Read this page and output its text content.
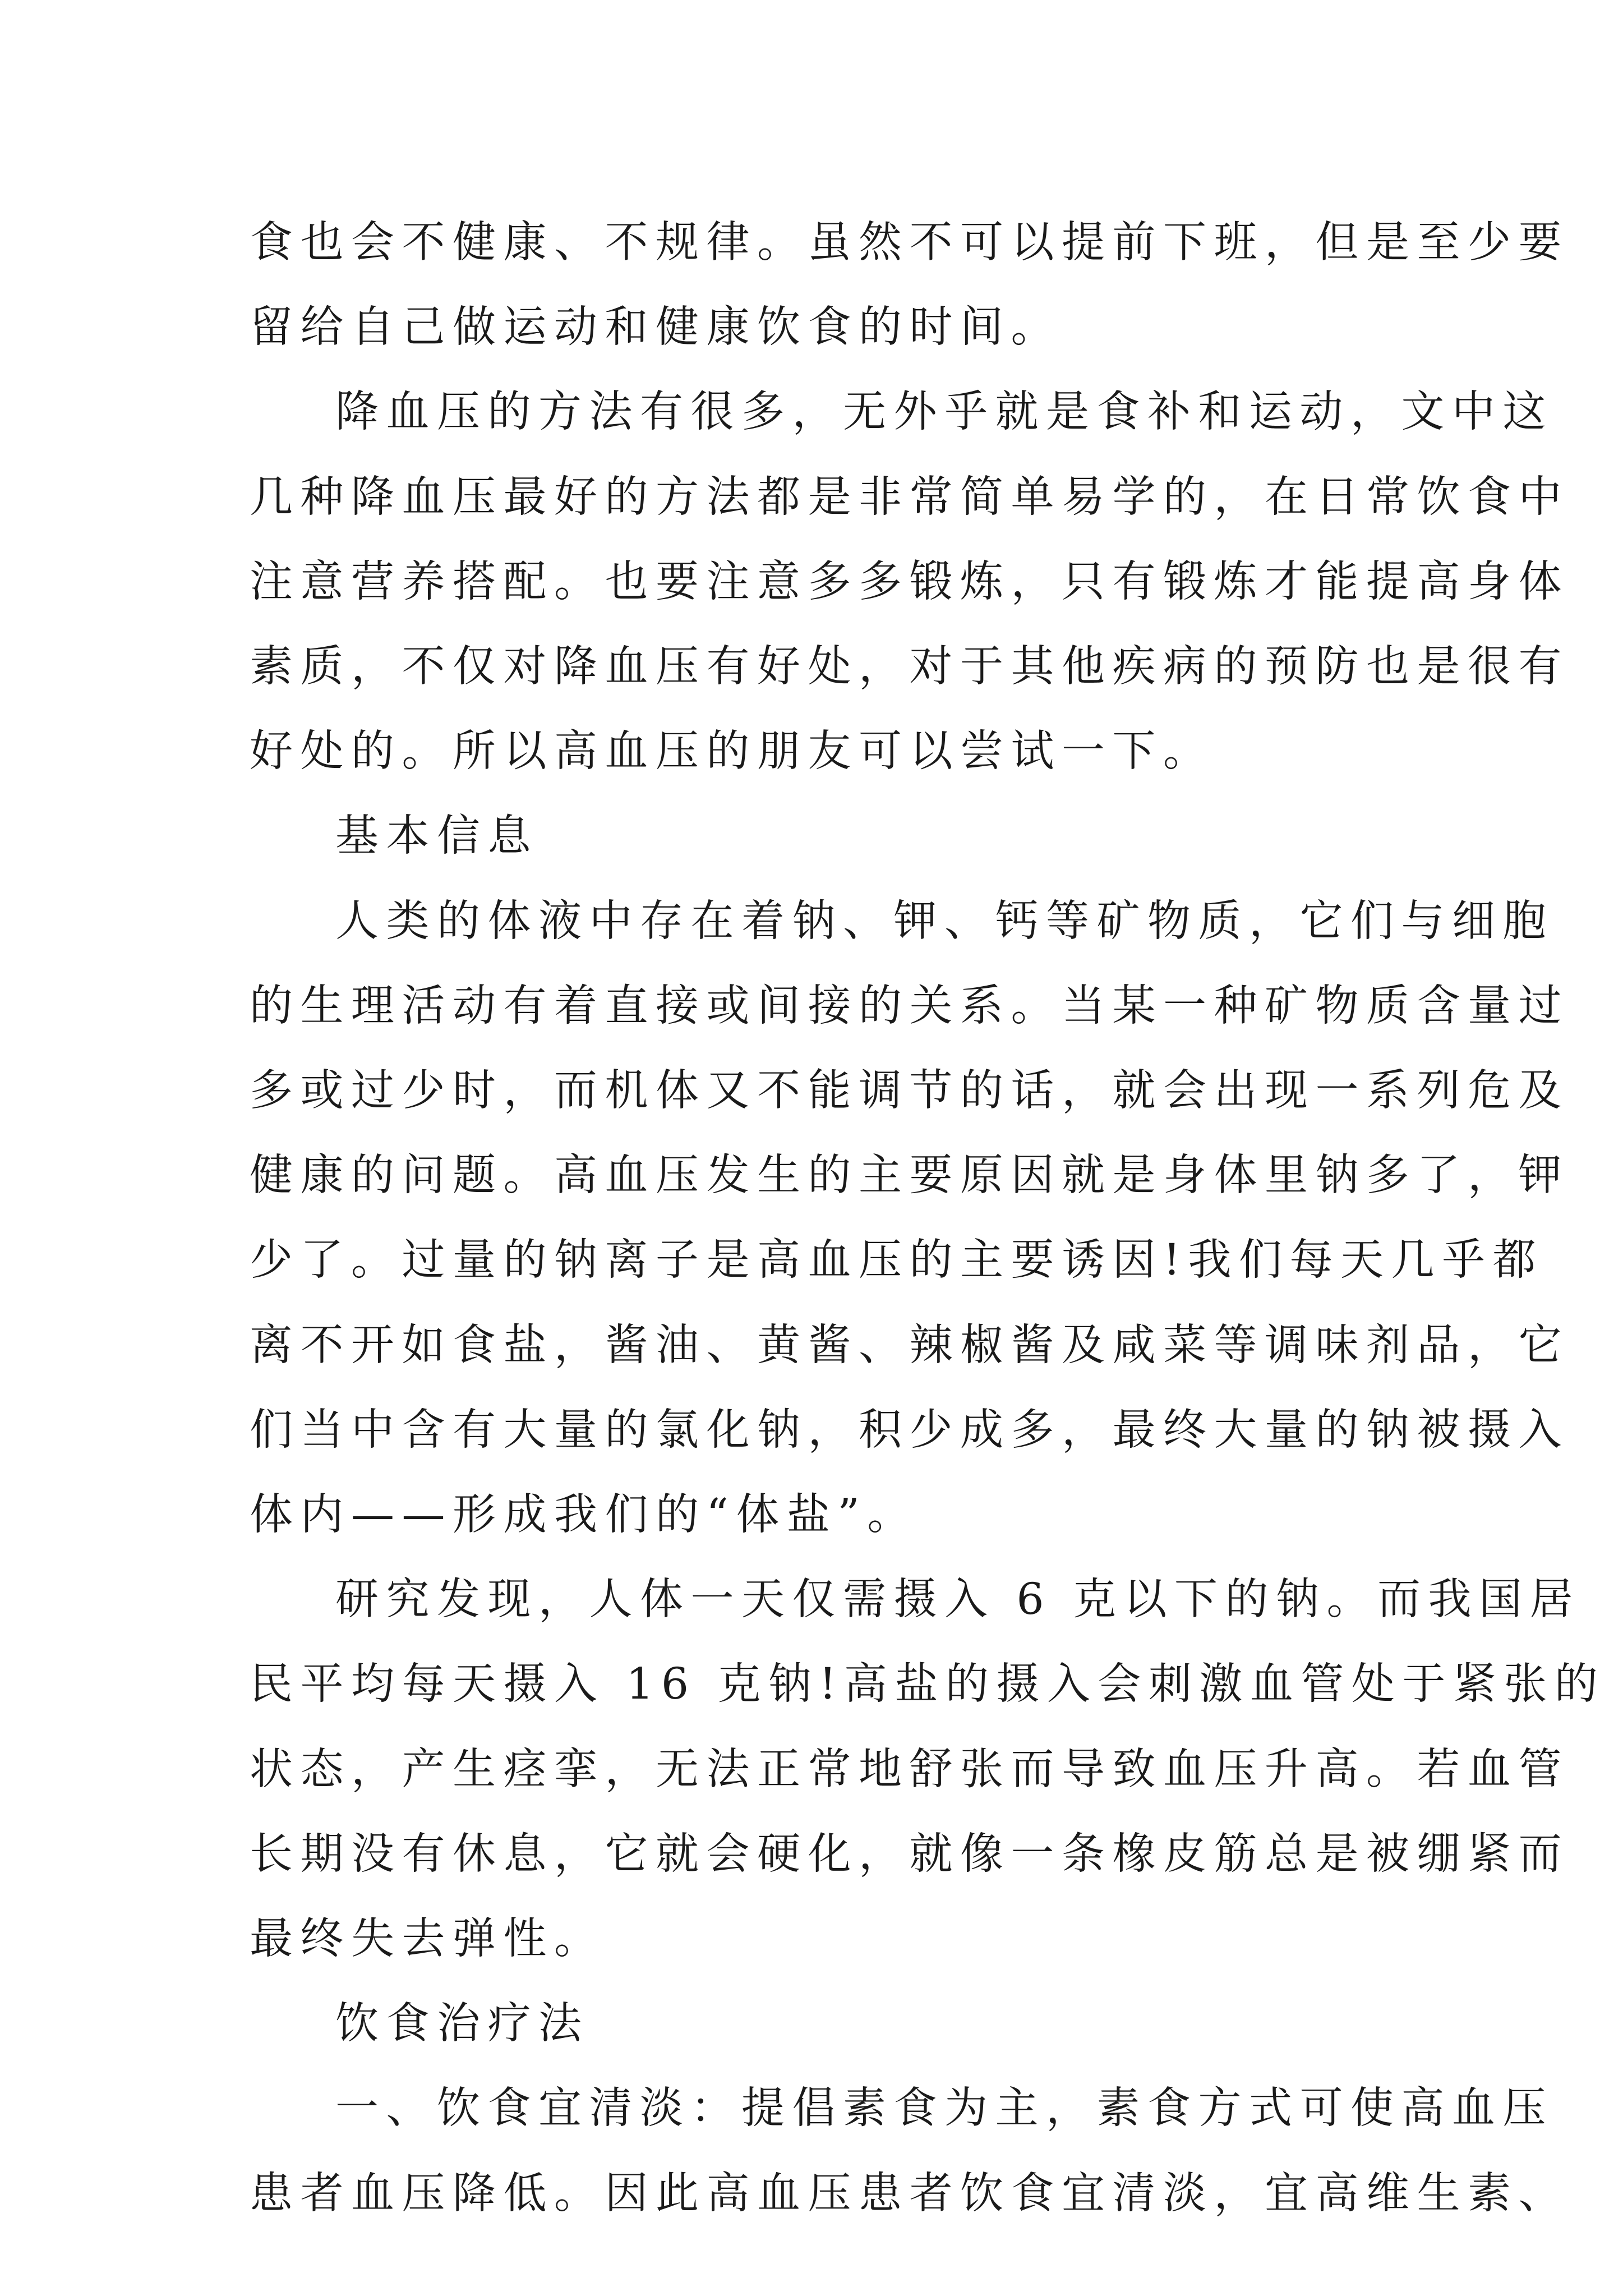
食也会不健康、不规律。虽然不可以提前下班，但是至少要
留给自己做运动和健康饮食的时间。
降血压的方法有很多，无外乎就是食补和运动，文中这
几种降血压最好的方法都是非常简单易学的，在日常饮食中
注意营养搭配。也要注意多多锻炼，只有锻炼才能提高身体
素质，不仅对降血压有好处，对于其他疾病的预防也是很有
好处的。所以高血压的朋友可以尝试一下。
基本信息
人类的体液中存在着钠、钾、钙等矿物质，它们与细胞
的生理活动有着直接或间接的关系。当某一种矿物质含量过
多或过少时，而机体又不能调节的话，就会出现一系列危及
健康的问题。高血压发生的主要原因就是身体里钠多了，钾
少了。过量的钠离子是高血压的主要诱因!我们每天几乎都
离不开如食盐，酱油、黄酱、辣椒酱及咸菜等调味剂品，它
们当中含有大量的氯化钠，积少成多，最终大量的钠被摄入
体内——形成我们的“体盐”。
研究发现，人体一天仅需摄入 6 克以下的钠。而我国居
民平均每天摄入 16 克钠!高盐的摄入会刺激血管处于紧张的
状态，产生痉挛，无法正常地舒张而导致血压升高。若血管
长期没有休息，它就会硬化，就像一条橡皮筋总是被绷紧而
最终失去弹性。
饮食治疗法
一、饮食宜清淡：提倡素食为主，素食方式可使高血压
患者血压降低。因此高血压患者饮食宜清淡，宜高维生素、
